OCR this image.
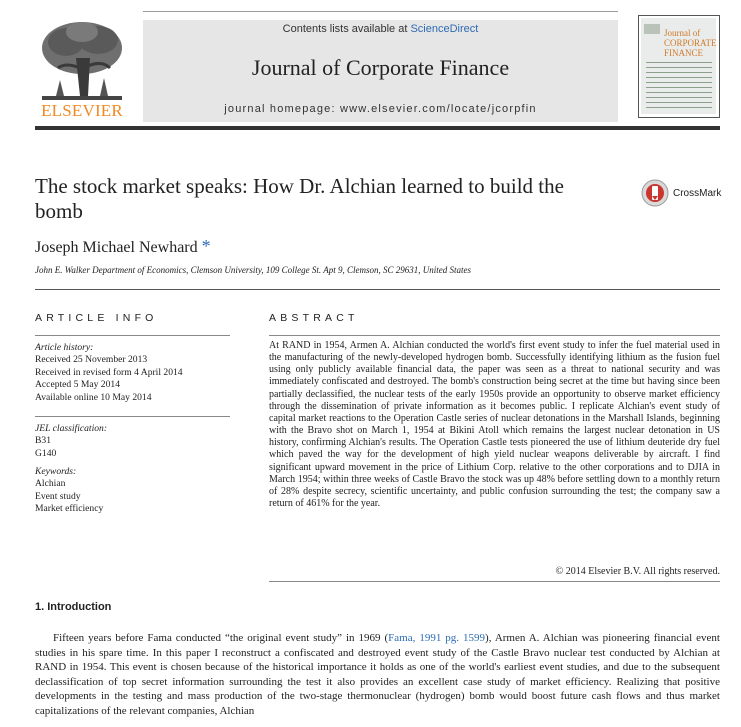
ELSEVIER
Contents lists available at ScienceDirect
Journal of Corporate Finance
journal homepage: www.elsevier.com/locate/jcorpfin
Journal of
CORPORATE
FINANCE
The stock market speaks: How Dr. Alchian learned to build the bomb
CrossMark
Joseph Michael Newhard *
John E. Walker Department of Economics, Clemson University, 109 College St. Apt 9, Clemson, SC 29631, United States
ARTICLE INFO
Article history:
Received 25 November 2013
Received in revised form 4 April 2014
Accepted 5 May 2014
Available online 10 May 2014
JEL classification:
B31
G140
Keywords:
Alchian
Event study
Market efficiency
ABSTRACT
At RAND in 1954, Armen A. Alchian conducted the world's first event study to infer the fuel material used in the manufacturing of the newly-developed hydrogen bomb. Successfully identifying lithium as the fusion fuel using only publicly available financial data, the paper was seen as a threat to national security and was immediately confiscated and destroyed. The bomb's construction being secret at the time but having since been partially declassified, the nuclear tests of the early 1950s provide an opportunity to observe market efficiency through the dissemination of private information as it becomes public. I replicate Alchian's event study of capital market reactions to the Operation Castle series of nuclear detonations in the Marshall Islands, beginning with the Bravo shot on March 1, 1954 at Bikini Atoll which remains the largest nuclear detonation in US history, confirming Alchian's results. The Operation Castle tests pioneered the use of lithium deuteride dry fuel which paved the way for the development of high yield nuclear weapons deliverable by aircraft. I find significant upward movement in the price of Lithium Corp. relative to the other corporations and to DJIA in March 1954; within three weeks of Castle Bravo the stock was up 48% before settling down to a monthly return of 28% despite secrecy, scientific uncertainty, and public confusion surrounding the test; the company saw a return of 461% for the year.
© 2014 Elsevier B.V. All rights reserved.
1. Introduction
Fifteen years before Fama conducted “the original event study” in 1969 (Fama, 1991 pg. 1599), Armen A. Alchian was pioneering financial event studies in his spare time. In this paper I reconstruct a confiscated and destroyed event study of the Castle Bravo nuclear test conducted by Alchian at RAND in 1954. This event is chosen because of the historical importance it holds as one of the world's earliest event studies, and due to the subsequent declassification of top secret information surrounding the test it also provides an excellent case study of market efficiency. Realizing that positive developments in the testing and mass production of the two-stage thermonuclear (hydrogen) bomb would boost future cash flows and thus market capitalizations of the relevant companies, Alchian
